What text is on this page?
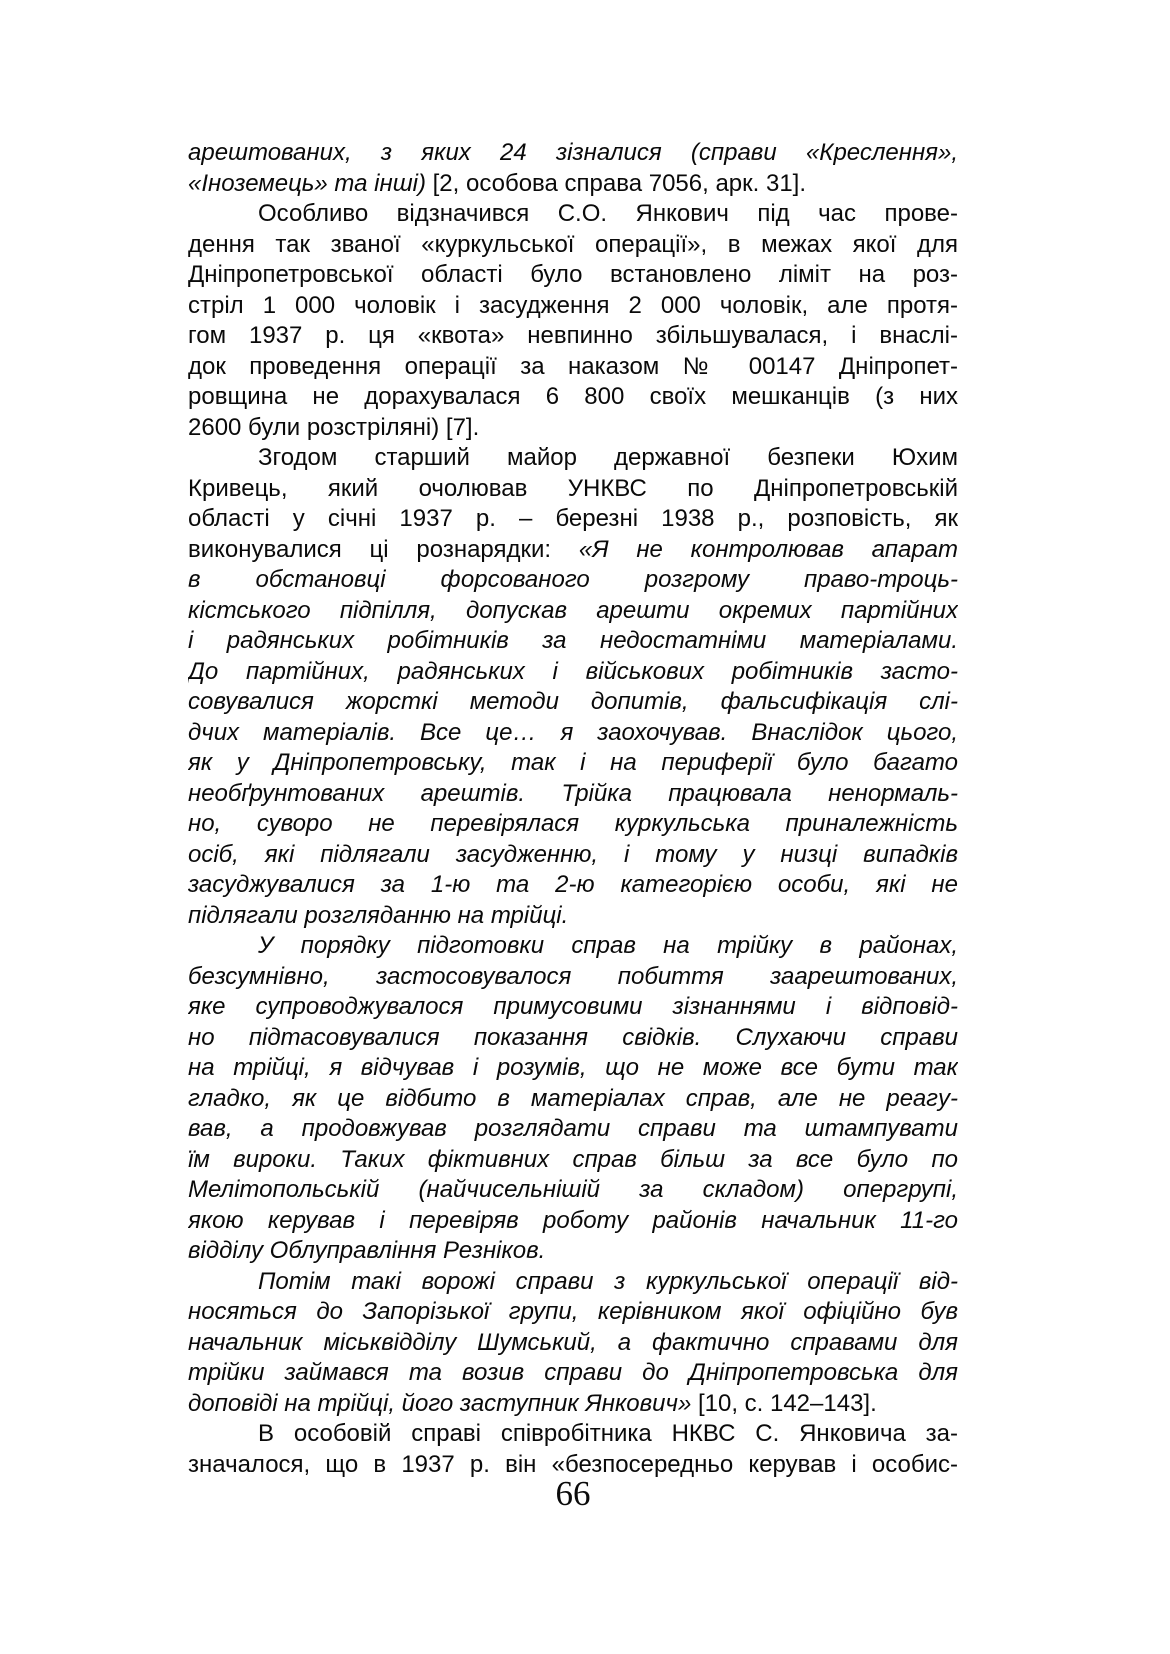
арештованих, з яких 24 зізналися (справи «Креслення»,
«Іноземець» та інші) [2, особова справа 7056, арк. 31].
Особливо відзначився С.О. Янкович під час прове-
дення так званої «куркульської операції», в межах якої для
Дніпропетровської області було встановлено ліміт на роз-
стріл 1 000 чоловік і засудження 2 000 чоловік, але протя-
гом 1937 р. ця «квота» невпинно збільшувалася, і внаслі-
док проведення операції за наказом № 00147 Дніпропет-
ровщина не дорахувалася 6 800 своїх мешканців (з них
2600 були розстріляні) [7].
Згодом старший майор державної безпеки Юхим
Кривець, який очолював УНКВС по Дніпропетровській
області у січні 1937 р. – березні 1938 р., розповість, як
виконувалися ці рознарядки: «Я не контролював апарат
в обстановці форсованого розгрому право-троць-
кістського підпілля, допускав арешти окремих партійних
і радянських робітників за недостатніми матеріалами.
До партійних, радянських і військових робітників засто-
совувалися жорсткі методи допитів, фальсифікація слі-
дчих матеріалів. Все це… я заохочував. Внаслідок цього,
як у Дніпропетровську, так і на периферії було багато
необґрунтованих арештів. Трійка працювала ненормаль-
но, суворо не перевірялася куркульська приналежність
осіб, які підлягали засудженню, і тому у низці випадків
засуджувалися за 1-ю та 2-ю категорією особи, які не
підлягали розгляданню на трійці.
У порядку підготовки справ на трійку в районах,
безсумнівно, застосовувалося побиття заарештованих,
яке супроводжувалося примусовими зізнаннями і відповід-
но підтасовувалися показання свідків. Слухаючи справи
на трійці, я відчував і розумів, що не може все бути так
гладко, як це відбито в матеріалах справ, але не реагу-
вав, а продовжував розглядати справи та штампувати
їм вироки. Таких фіктивних справ більш за все було по
Мелітопольській (найчисельнішій за складом) опергрупі,
якою керував і перевіряв роботу районів начальник 11-го
відділу Облуправління Резніков.
Потім такі ворожі справи з куркульської операції від-
носяться до Запорізької групи, керівником якої офіційно був
начальник міськвідділу Шумський, а фактично справами для
трійки займався та возив справи до Дніпропетровська для
доповіді на трійці, його заступник Янкович» [10, с. 142–143].
В особовій справі співробітника НКВС С. Янковича за-
значалося, що в 1937 р. він «безпосередньо керував і особис-
66
